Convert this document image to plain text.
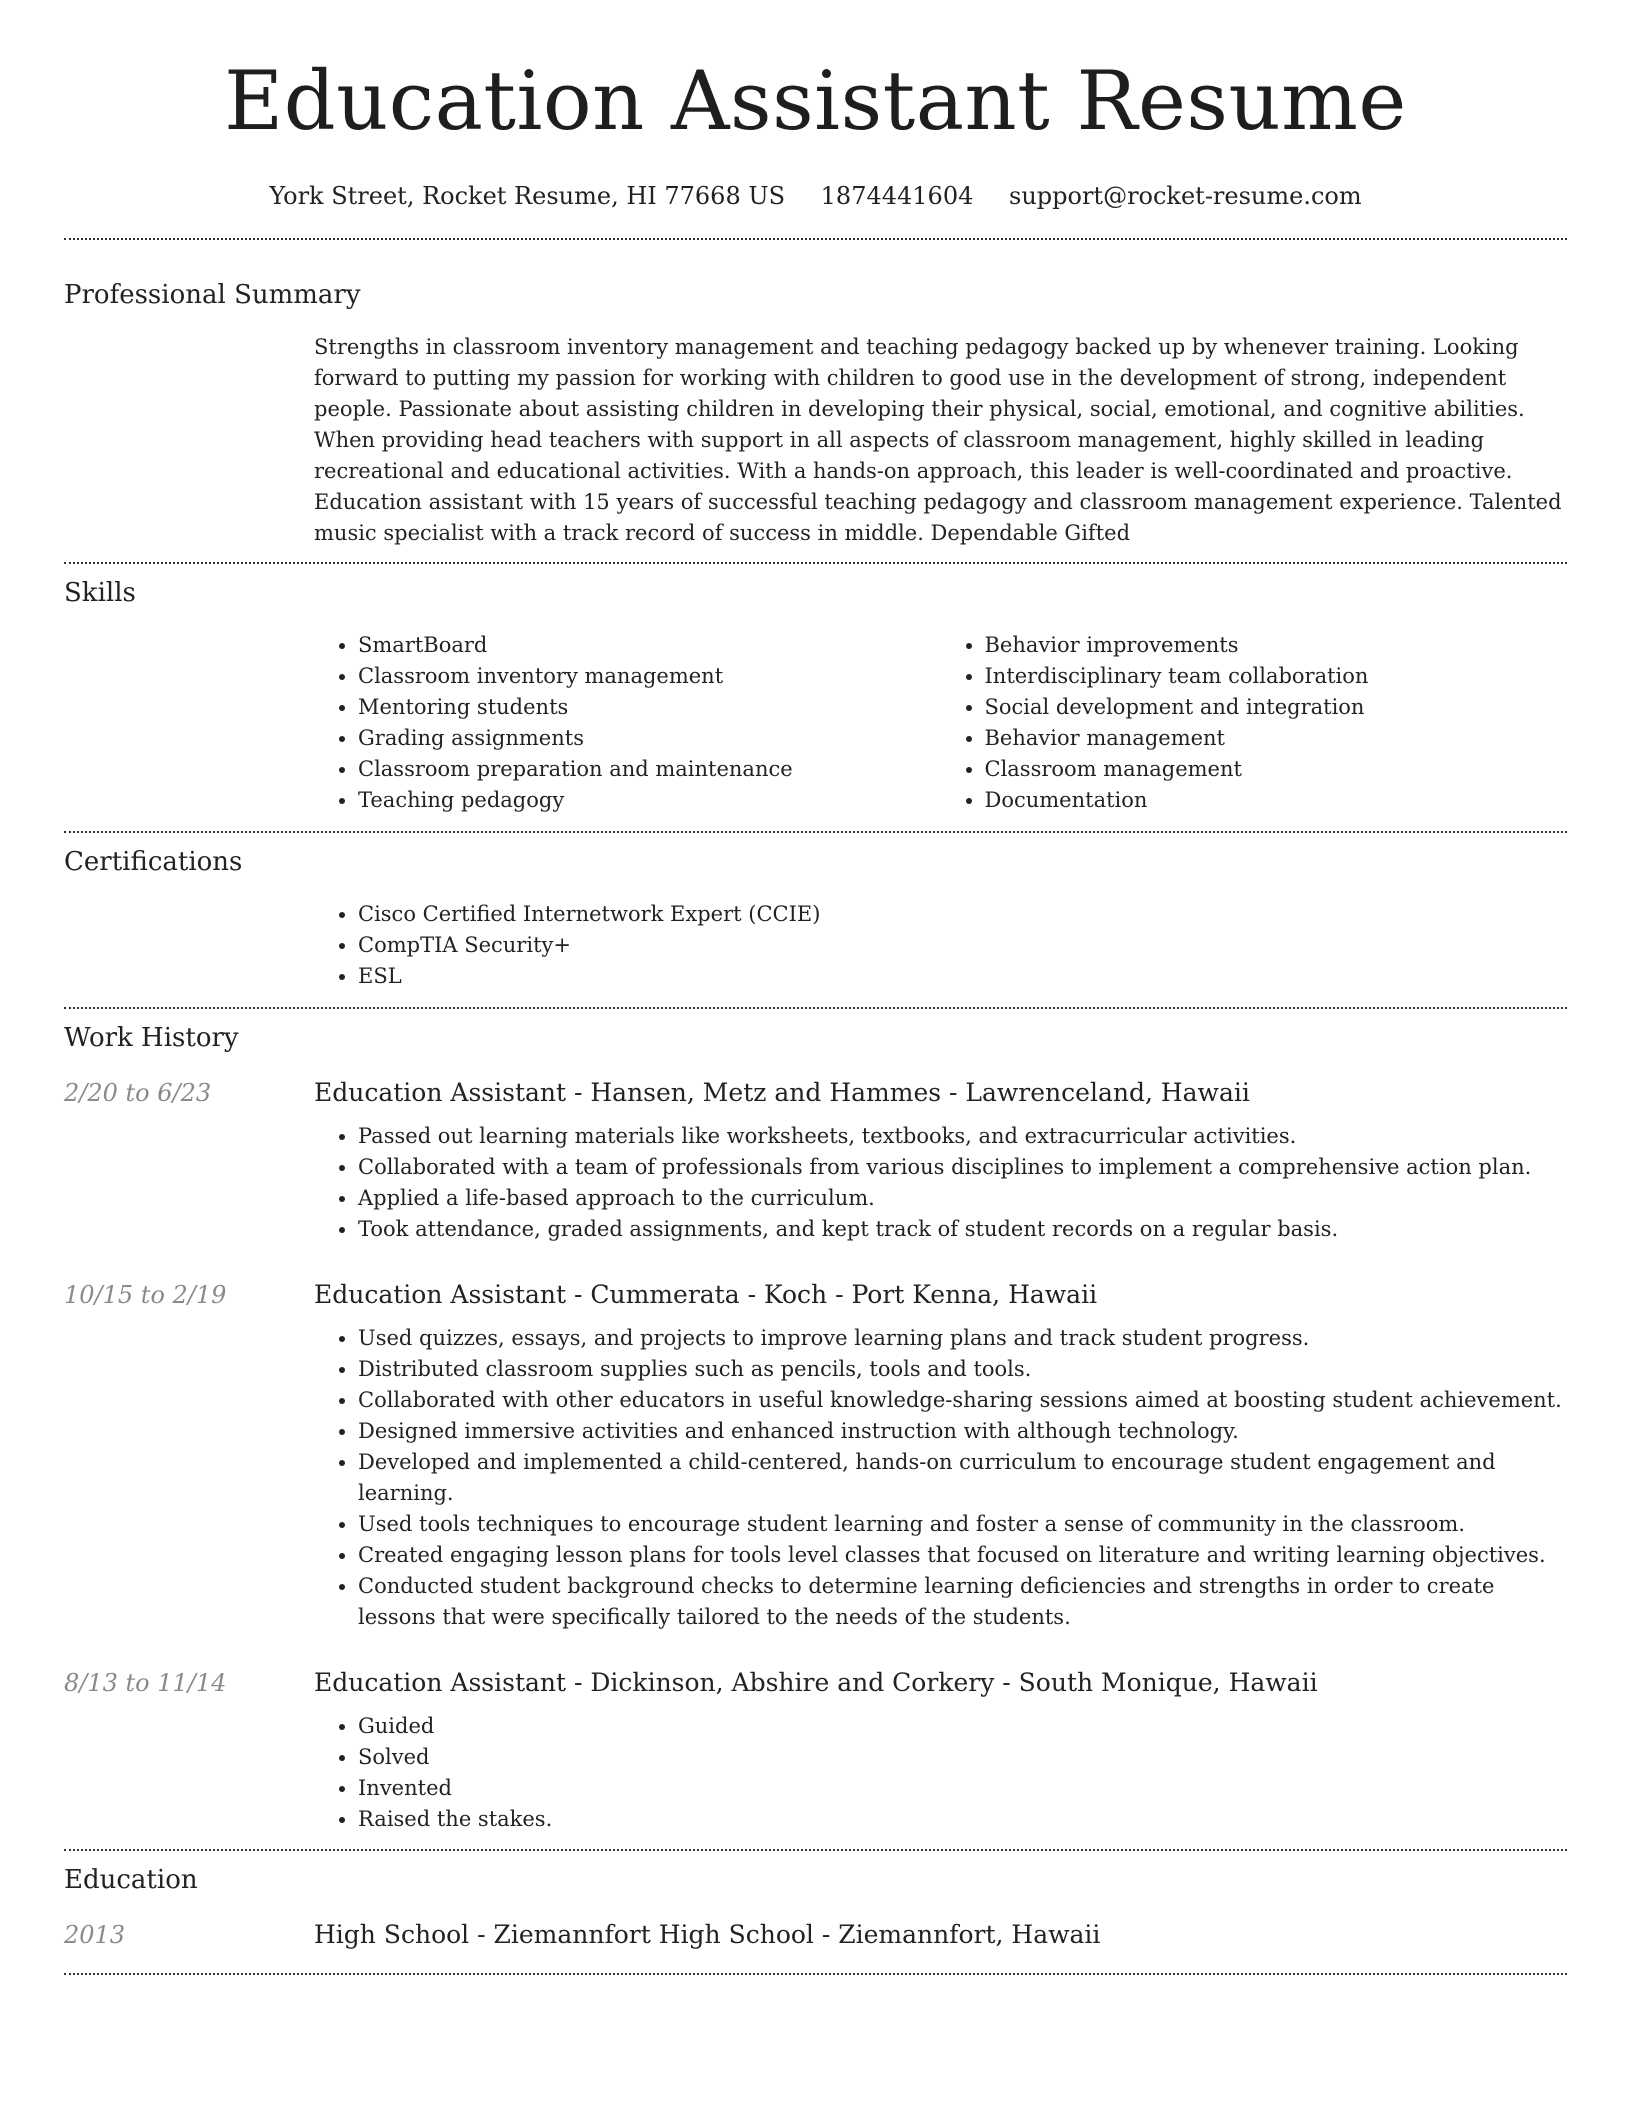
Education Assistant Resume
York Street, Rocket Resume, HI 77668 US 1874441604 support@rocket-resume.com
Professional Summary
Strengths in classroom inventory management and teaching pedagogy backed up by whenever training. Looking forward to putting my passion for working with children to good use in the development of strong, independent people. Passionate about assisting children in developing their physical, social, emotional, and cognitive abilities. When providing head teachers with support in all aspects of classroom management, highly skilled in leading recreational and educational activities. With a hands-on approach, this leader is well-coordinated and proactive. Education assistant with 15 years of successful teaching pedagogy and classroom management experience. Talented music specialist with a track record of success in middle. Dependable Gifted
Skills
• SmartBoard
• Classroom inventory management
• Mentoring students
• Grading assignments
• Classroom preparation and maintenance
• Teaching pedagogy
• Behavior improvements
• Interdisciplinary team collaboration
• Social development and integration
• Behavior management
• Classroom management
• Documentation
Certifications
• Cisco Certified Internetwork Expert (CCIE)
• CompTIA Security+
• ESL
Work History
2/20 to 6/23	Education Assistant - Hansen, Metz and Hammes - Lawrenceland, Hawaii
• Passed out learning materials like worksheets, textbooks, and extracurricular activities.
• Collaborated with a team of professionals from various disciplines to implement a comprehensive action plan.
• Applied a life-based approach to the curriculum.
• Took attendance, graded assignments, and kept track of student records on a regular basis.
10/15 to 2/19	Education Assistant - Cummerata - Koch - Port Kenna, Hawaii
• Used quizzes, essays, and projects to improve learning plans and track student progress.
• Distributed classroom supplies such as pencils, tools and tools.
• Collaborated with other educators in useful knowledge-sharing sessions aimed at boosting student achievement.
• Designed immersive activities and enhanced instruction with although technology.
• Developed and implemented a child-centered, hands-on curriculum to encourage student engagement and learning.
• Used tools techniques to encourage student learning and foster a sense of community in the classroom.
• Created engaging lesson plans for tools level classes that focused on literature and writing learning objectives.
• Conducted student background checks to determine learning deficiencies and strengths in order to create lessons that were specifically tailored to the needs of the students.
8/13 to 11/14	Education Assistant - Dickinson, Abshire and Corkery - South Monique, Hawaii
• Guided
• Solved
• Invented
• Raised the stakes.
Education
2013	High School - Ziemannfort High School - Ziemannfort, Hawaii
